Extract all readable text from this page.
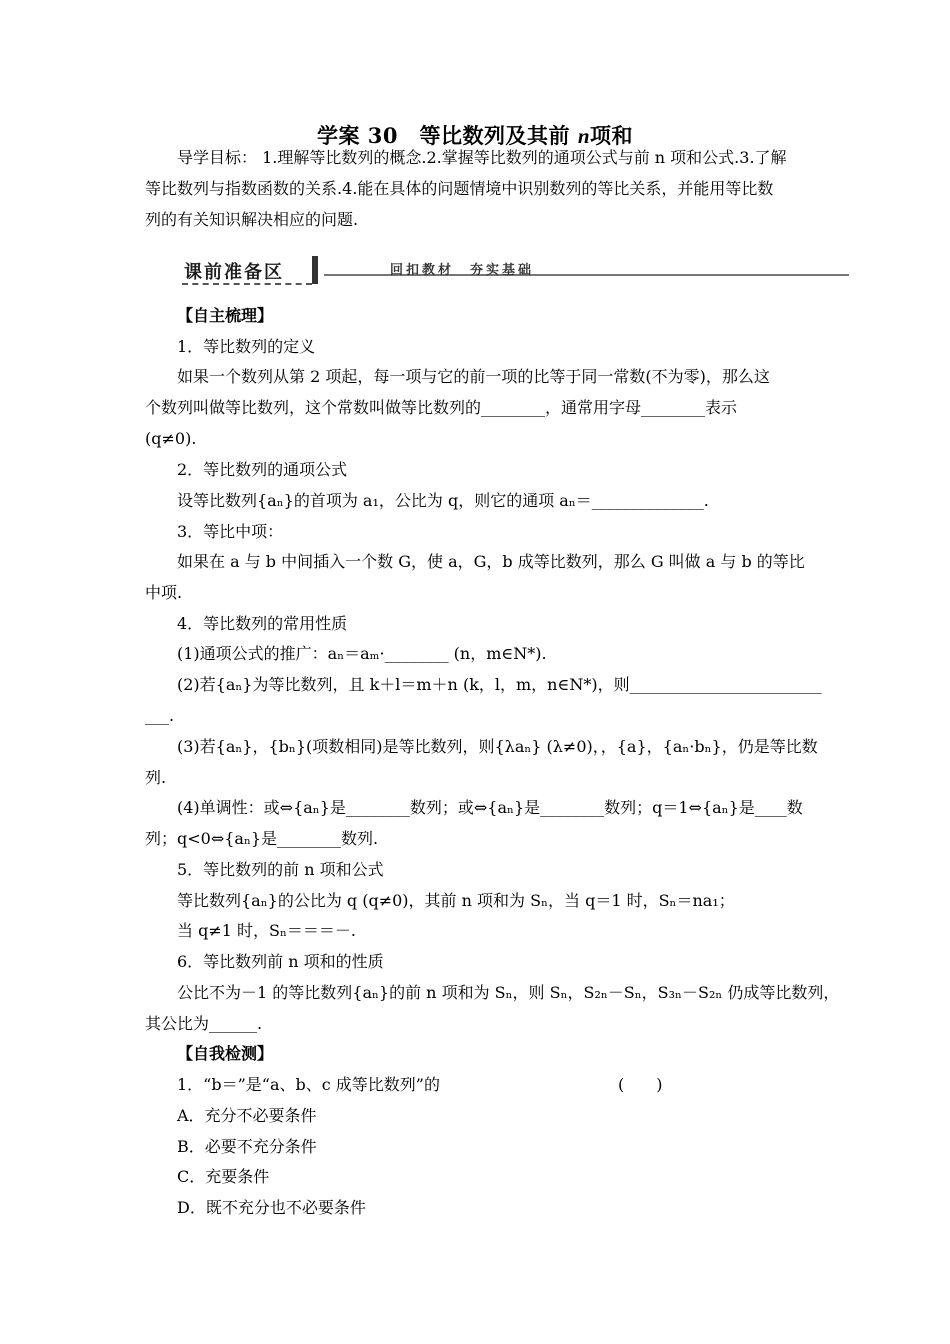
学案 30　等比数列及其前 n项和
导学目标： 1.理解等比数列的概念.2.掌握等比数列的通项公式与前 n 项和公式.3.了解
等比数列与指数函数的关系.4.能在具体的问题情境中识别数列的等比关系，并能用等比数
列的有关知识解决相应的问题.
课前准备区	回扣教材　夯实基础
【自主梳理】
1．等比数列的定义
如果一个数列从第 2 项起，每一项与它的前一项的比等于同一常数(不为零)，那么这
个数列叫做等比数列，这个常数叫做等比数列的________，通常用字母________表示
(q≠0).
2．等比数列的通项公式
设等比数列{aₙ}的首项为 a₁，公比为 q，则它的通项 aₙ＝______________.
3．等比中项：
如果在 a 与 b 中间插入一个数 G，使 a，G，b 成等比数列，那么 G 叫做 a 与 b 的等比
中项.
4．等比数列的常用性质
(1)通项公式的推广：aₙ＝aₘ·________ (n，m∈N*).
(2)若{aₙ}为等比数列，且 k＋l＝m＋n (k，l，m，n∈N*)，则________________________
___.
(3)若{aₙ}，{bₙ}(项数相同)是等比数列，则{λaₙ} (λ≠0)，，{a}，{aₙ·bₙ}，仍是等比数
列.
(4)单调性：或⇔{aₙ}是________数列；或⇔{aₙ}是________数列；q＝1⇔{aₙ}是____数
列；q<0⇔{aₙ}是________数列.
5．等比数列的前 n 项和公式
等比数列{aₙ}的公比为 q (q≠0)，其前 n 项和为 Sₙ，当 q＝1 时，Sₙ＝na₁；
当 q≠1 时，Sₙ＝＝＝－.
6．等比数列前 n 项和的性质
公比不为－1 的等比数列{aₙ}的前 n 项和为 Sₙ，则 Sₙ，S₂ₙ－Sₙ，S₃ₙ－S₂ₙ 仍成等比数列，
其公比为______.
【自我检测】
1．“b＝”是“a、b、c 成等比数列”的	(　　)
A．充分不必要条件
B．必要不充分条件
C．充要条件
D．既不充分也不必要条件
